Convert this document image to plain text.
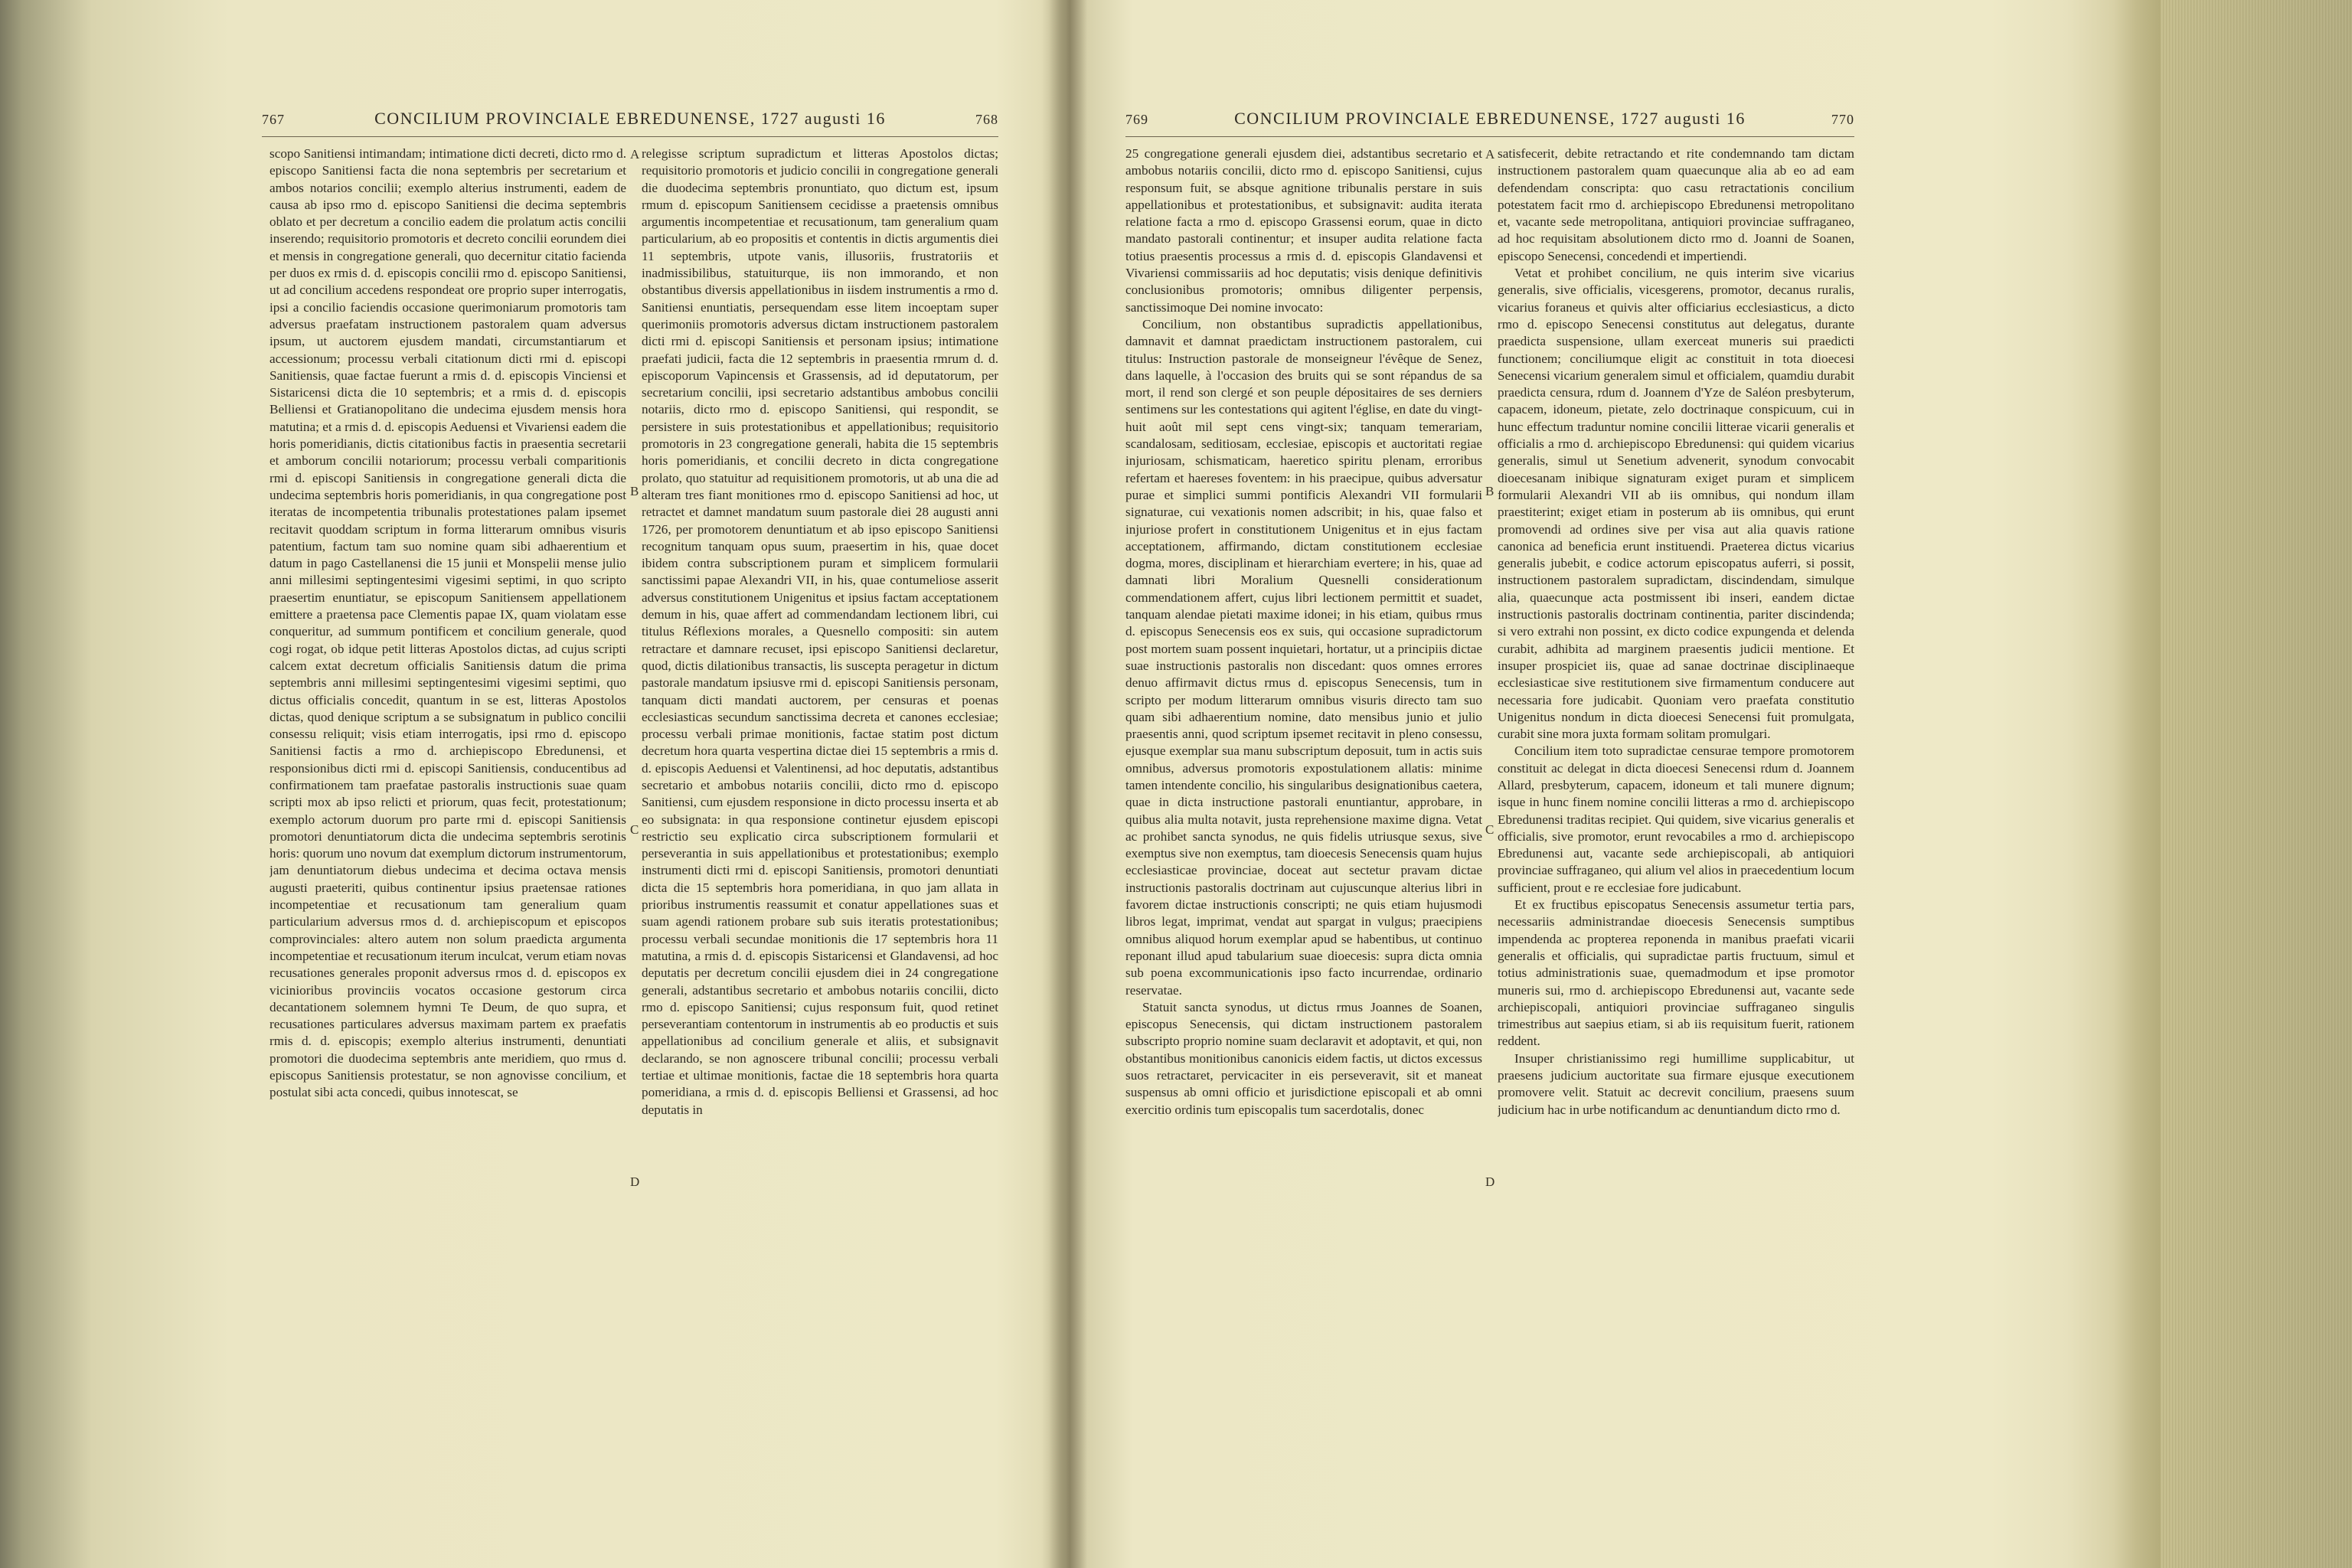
767	CONCILIUM PROVINCIALE EBREDUNENSE, 1727 augusti 16	768	769	CONCILIUM PROVINCIALE EBREDUNENSE, 1727 augusti 16	770

scopo Sanitiensi intimandam; intimatione dicti decreti, dicto rmo d. episcopo Sanitiensi facta die nona septembris per secretarium et ambos notarios concilii; exemplo alterius instrumenti, eadem de causa ab ipso rmo d. episcopo Sanitiensi die decima septembris oblato et per decretum a concilio eadem die prolatum actis concilii inserendo; requisitorio promotoris et decreto concilii eorundem diei et mensis in congregatione generali, quo decernitur citatio facienda per duos ex rmis d. d. episcopis concilii rmo d. episcopo Sanitiensi, ut ad concilium accedens respondeat ore proprio super interrogatis, ipsi a concilio faciendis occasione querimoniarum promotoris tam adversus praefatam instructionem pastoralem quam adversus ipsum, ut auctorem ejusdem mandati, circumstantiarum et accessionum; processu verbali citationum dicti rmi d. episcopi Sanitiensis, quae factae fuerunt a rmis d. d. episcopis Vinciensi et Sistaricensi dicta die 10 septembris; et a rmis d. d. episcopis Belliensi et Gratianopolitano die undecima ejusdem mensis hora matutina; et a rmis d. d. episcopis Aeduensi et Vivariensi eadem die horis pomeridianis, dictis citationibus factis in praesentia secretarii et amborum concilii notariorum; processu verbali comparitionis rmi d. episcopi Sanitiensis in congregatione generali dicta die undecima septembris horis pomeridianis, in qua congregatione post iteratas de incompetentia tribunalis protestationes palam ipsemet recitavit quoddam scriptum in forma litterarum omnibus visuris patentium, factum tam suo nomine quam sibi adhaerentium et datum in pago Castellanensi die 15 junii et Monspelii mense julio anni millesimi septingentesimi vigesimi septimi, in quo scripto praesertim enuntiatur, se episcopum Sanitiensem appellationem emittere a praetensa pace Clementis papae IX, quam violatam esse conqueritur, ad summum pontificem et concilium generale, quod cogi rogat, ob idque petit litteras Apostolos dictas, ad cujus scripti calcem extat decretum officialis Sanitiensis datum die prima septembris anni millesimi septingentesimi vigesimi septimi, quo dictus officialis concedit, quantum in se est, litteras Apostolos dictas, quod denique scriptum a se subsignatum in publico concilii consessu reliquit; visis etiam interrogatis, ipsi rmo d. episcopo Sanitiensi factis a rmo d. archiepiscopo Ebredunensi, et responsionibus dicti rmi d. episcopi Sanitiensis, conducentibus ad confirmationem tam praefatae pastoralis instructionis suae quam scripti mox ab ipso relicti et priorum, quas fecit, protestationum; exemplo actorum duorum pro parte rmi d. episcopi Sanitiensis promotori denuntiatorum dicta die undecima septembris serotinis horis: quorum uno novum dat exemplum dictorum instrumentorum, jam denuntiatorum diebus undecima et decima octava mensis augusti praeteriti, quibus continentur ipsius praetensae rationes incompetentiae et recusationum tam generalium quam particularium adversus rmos d. d. archiepiscopum et episcopos comprovinciales: altero autem non solum praedicta argumenta incompetentiae et recusationum iterum inculcat, verum etiam novas recusationes generales proponit adversus rmos d. d. episcopos ex vicinioribus provinciis vocatos occasione gestorum circa decantationem solemnem hymni Te Deum, de quo supra, et recusationes particulares adversus maximam partem ex praefatis rmis d. d. episcopis; exemplo alterius instrumenti, denuntiati promotori die duodecima septembris ante meridiem, quo rmus d. episcopus Sanitiensis protestatur, se non agnovisse concilium, et postulat sibi acta concedi, quibus innotescat, se

relegisse scriptum supradictum et litteras Apostolos dictas; requisitorio promotoris et judicio concilii in congregatione generali die duodecima septembris pronuntiato, quo dictum est, ipsum rmum d. episcopum Sanitiensem cecidisse a praetensis omnibus argumentis incompetentiae et recusationum, tam generalium quam particularium, ab eo propositis et contentis in dictis argumentis diei 11 septembris, utpote vanis, illusoriis, frustratoriis et inadmissibilibus, statuiturque, iis non immorando, et non obstantibus diversis appellationibus in iisdem instrumentis a rmo d. Sanitiensi enuntiatis, persequendam esse litem incoeptam super querimoniis promotoris adversus dictam instructionem pastoralem dicti rmi d. episcopi Sanitiensis et personam ipsius; intimatione praefati judicii, facta die 12 septembris in praesentia rmrum d. d. episcoporum Vapincensis et Grassensis, ad id deputatorum, per secretarium concilii, ipsi secretario adstantibus ambobus concilii notariis, dicto rmo d. episcopo Sanitiensi, qui respondit, se persistere in suis protestationibus et appellationibus; requisitorio promotoris in 23 congregatione generali, habita die 15 septembris horis pomeridianis, et concilii decreto in dicta congregatione prolato, quo statuitur ad requisitionem promotoris, ut ab una die ad alteram tres fiant monitiones rmo d. episcopo Sanitiensi ad hoc, ut retractet et damnet mandatum suum pastorale diei 28 augusti anni 1726, per promotorem denuntiatum et ab ipso episcopo Sanitiensi recognitum tanquam opus suum, praesertim in his, quae docet ibidem contra subscriptionem puram et simplicem formularii sanctissimi papae Alexandri VII, in his, quae contumeliose asserit adversus constitutionem Unigenitus et ipsius factam acceptationem demum in his, quae affert ad commendandam lectionem libri, cui titulus Réflexions morales, a Quesnello compositi: sin autem retractare et damnare recuset, ipsi episcopo Sanitiensi declaretur, quod, dictis dilationibus transactis, lis suscepta peragetur in dictum pastorale mandatum ipsiusve rmi d. episcopi Sanitiensis personam, tanquam dicti mandati auctorem, per censuras et poenas ecclesiasticas secundum sanctissima decreta et canones ecclesiae; processu verbali primae monitionis, factae statim post dictum decretum hora quarta vespertina dictae diei 15 septembris a rmis d. d. episcopis Aeduensi et Valentinensi, ad hoc deputatis, adstantibus secretario et ambobus notariis concilii, dicto rmo d. episcopo Sanitiensi, cum ejusdem responsione in dicto processu inserta et ab eo subsignata: in qua responsione continetur ejusdem episcopi restrictio seu explicatio circa subscriptionem formularii et perseverantia in suis appellationibus et protestationibus; exemplo instrumenti dicti rmi d. episcopi Sanitiensis, promotori denuntiati dicta die 15 septembris hora pomeridiana, in quo jam allata in prioribus instrumentis reassumit et conatur appellationes suas et suam agendi rationem probare sub suis iteratis protestationibus; processu verbali secundae monitionis die 17 septembris hora 11 matutina, a rmis d. d. episcopis Sistaricensi et Glandavensi, ad hoc deputatis per decretum concilii ejusdem diei in 24 congregatione generali, adstantibus secretario et ambobus notariis concilii, dicto rmo d. episcopo Sanitiensi; cujus responsum fuit, quod retinet perseverantiam contentorum in instrumentis ab eo productis et suis appellationibus ad concilium generale et aliis, et subsignavit declarando, se non agnoscere tribunal concilii; processu verbali tertiae et ultimae monitionis, factae die 18 septembris hora quarta pomeridiana, a rmis d. d. episcopis Belliensi et Grassensi, ad hoc deputatis in

25 congregatione generali ejusdem diei, adstantibus secretario et ambobus notariis concilii, dicto rmo d. episcopo Sanitiensi, cujus responsum fuit, se absque agnitione tribunalis perstare in suis appellationibus et protestationibus, et subsignavit: audita iterata relatione facta a rmo d. episcopo Grassensi eorum, quae in dicto mandato pastorali continentur; et insuper audita relatione facta totius praesentis processus a rmis d. d. episcopis Glandavensi et Vivariensi commissariis ad hoc deputatis; visis denique definitivis conclusionibus promotoris; omnibus diligenter perpensis, sanctissimoque Dei nomine invocato:

Concilium, non obstantibus supradictis appellationibus, damnavit et damnat praedictam instructionem pastoralem, cui titulus: Instruction pastorale de monseigneur l'évêque de Senez, dans laquelle, à l'occasion des bruits qui se sont répandus de sa mort, il rend son clergé et son peuple dépositaires de ses derniers sentimens sur les contestations qui agitent l'église, en date du vingt-huit août mil sept cens vingt-six; tanquam temerariam, scandalosam, seditiosam, ecclesiae, episcopis et auctoritati regiae injuriosam, schismaticam, haeretico spiritu plenam, erroribus refertam et haereses foventem: in his praecipue, quibus adversatur purae et simplici summi pontificis Alexandri VII formularii signaturae, cui vexationis nomen adscribit; in his, quae falso et injuriose profert in constitutionem Unigenitus et in ejus factam acceptationem, affirmando, dictam constitutionem ecclesiae dogma, mores, disciplinam et hierarchiam evertere; in his, quae ad damnati libri Moralium Quesnelli considerationum commendationem affert, cujus libri lectionem permittit et suadet, tanquam alendae pietati maxime idonei; in his etiam, quibus rmus d. episcopus Senecensis eos ex suis, qui occasione supradictorum post mortem suam possent inquietari, hortatur, ut a principiis dictae suae instructionis pastoralis non discedant: quos omnes errores denuo affirmavit dictus rmus d. episcopus Senecensis, tum in scripto per modum litterarum omnibus visuris directo tam suo quam sibi adhaerentium nomine, dato mensibus junio et julio praesentis anni, quod scriptum ipsemet recitavit in pleno consessu, ejusque exemplar sua manu subscriptum deposuit, tum in actis suis omnibus, adversus promotoris expostulationem allatis: minime tamen intendente concilio, his singularibus designationibus caetera, quae in dicta instructione pastorali enuntiantur, approbare, in quibus alia multa notavit, justa reprehensione maxime digna. Vetat ac prohibet sancta synodus, ne quis fidelis utriusque sexus, sive exemptus sive non exemptus, tam dioecesis Senecensis quam hujus ecclesiasticae provinciae, doceat aut sectetur pravam dictae instructionis pastoralis doctrinam aut cujuscunque alterius libri in favorem dictae instructionis conscripti; ne quis etiam hujusmodi libros legat, imprimat, vendat aut spargat in vulgus; praecipiens omnibus aliquod horum exemplar apud se habentibus, ut continuo reponant illud apud tabularium suae dioecesis: supra dicta omnia sub poena excommunicationis ipso facto incurrendae, ordinario reservatae.

Statuit sancta synodus, ut dictus rmus Joannes de Soanen, episcopus Senecensis, qui dictam instructionem pastoralem subscripto proprio nomine suam declaravit et adoptavit, et qui, non obstantibus monitionibus canonicis eidem factis, ut dictos excessus suos retractaret, pervicaciter in eis perseveravit, sit et maneat suspensus ab omni officio et jurisdictione episcopali et ab omni exercitio ordinis tum episcopalis tum sacerdotalis, donec

satisfecerit, debite retractando et rite condemnando tam dictam instructionem pastoralem quam quaecunque alia ab eo ad eam defendendam conscripta: quo casu retractationis concilium potestatem facit rmo d. archiepiscopo Ebredunensi metropolitano et, vacante sede metropolitana, antiquiori provinciae suffraganeo, ad hoc requisitam absolutionem dicto rmo d. Joanni de Soanen, episcopo Senecensi, concedendi et impertiendi.

Vetat et prohibet concilium, ne quis interim sive vicarius generalis, sive officialis, vicesgerens, promotor, decanus ruralis, vicarius foraneus et quivis alter officiarius ecclesiasticus, a dicto rmo d. episcopo Senecensi constitutus aut delegatus, durante praedicta suspensione, ullam exerceat muneris sui praedicti functionem; conciliumque eligit ac constituit in tota dioecesi Senecensi vicarium generalem simul et officialem, quamdiu durabit praedicta censura, rdum d. Joannem d'Yze de Saléon presbyterum, capacem, idoneum, pietate, zelo doctrinaque conspicuum, cui in hunc effectum traduntur nomine concilii litterae vicarii generalis et officialis a rmo d. archiepiscopo Ebredunensi: qui quidem vicarius generalis, simul ut Senetium advenerit, synodum convocabit dioecesanam inibique signaturam exiget puram et simplicem formularii Alexandri VII ab iis omnibus, qui nondum illam praestiterint; exiget etiam in posterum ab iis omnibus, qui erunt promovendi ad ordines sive per visa aut alia quavis ratione canonica ad beneficia erunt instituendi. Praeterea dictus vicarius generalis jubebit, e codice actorum episcopatus auferri, si possit, instructionem pastoralem supradictam, discindendam, simulque alia, quaecunque acta postmissent ibi inseri, eandem dictae instructionis pastoralis doctrinam continentia, pariter discindenda; si vero extrahi non possint, ex dicto codice expungenda et delenda curabit, adhibita ad marginem praesentis judicii mentione. Et insuper prospiciet iis, quae ad sanae doctrinae disciplinaeque ecclesiasticae sive restitutionem sive firmamentum conducere aut necessaria fore judicabit. Quoniam vero praefata constitutio Unigenitus nondum in dicta dioecesi Senecensi fuit promulgata, curabit sine mora juxta formam solitam promulgari.

Concilium item toto supradictae censurae tempore promotorem constituit ac delegat in dicta dioecesi Senecensi rdum d. Joannem Allard, presbyterum, capacem, idoneum et tali munere dignum; isque in hunc finem nomine concilii litteras a rmo d. archiepiscopo Ebredunensi traditas recipiet. Qui quidem, sive vicarius generalis et officialis, sive promotor, erunt revocabiles a rmo d. archiepiscopo Ebredunensi aut, vacante sede archiepiscopali, ab antiquiori provinciae suffraganeo, qui alium vel alios in praecedentium locum sufficient, prout e re ecclesiae fore judicabunt.

Et ex fructibus episcopatus Senecensis assumetur tertia pars, necessariis administrandae dioecesis Senecensis sumptibus impendenda ac propterea reponenda in manibus praefati vicarii generalis et officialis, qui supradictae partis fructuum, simul et totius administrationis suae, quemadmodum et ipse promotor muneris sui, rmo d. archiepiscopo Ebredunensi aut, vacante sede archiepiscopali, antiquiori provinciae suffraganeo singulis trimestribus aut saepius etiam, si ab iis requisitum fuerit, rationem reddent.

Insuper christianissimo regi humillime supplicabitur, ut praesens judicium auctoritate sua firmare ejusque executionem promovere velit. Statuit ac decrevit concilium, praesens suum judicium hac in urbe notificandum ac denuntiandum dicto rmo d.

A
B
C
D
A
B
C
D
